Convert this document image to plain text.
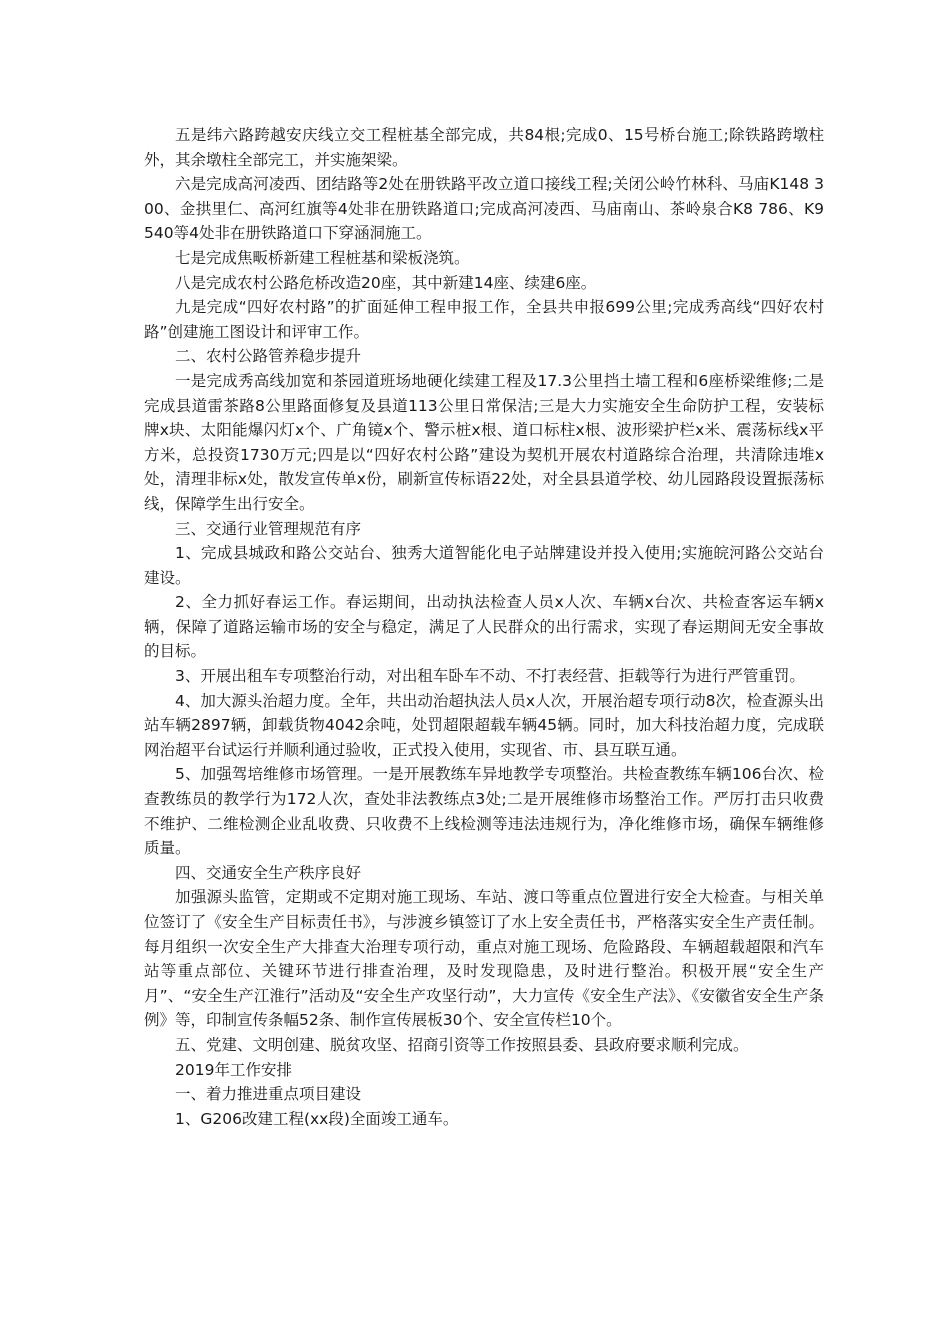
五是纬六路跨越安庆线立交工程桩基全部完成，共84根;完成0、15号桥台施工;除铁路跨墩柱外，其余墩柱全部完工，并实施架梁。

六是完成高河凌西、团结路等2处在册铁路平改立道口接线工程;关闭公岭竹林科、马庙K148 300、金拱里仁、高河红旗等4处非在册铁路道口;完成高河凌西、马庙南山、茶岭泉合K8 786、K9 540等4处非在册铁路道口下穿涵洞施工。

七是完成焦畈桥新建工程桩基和梁板浇筑。

八是完成农村公路危桥改造20座，其中新建14座、续建6座。

九是完成“四好农村路”的扩面延伸工程申报工作，全县共申报699公里;完成秀高线“四好农村路”创建施工图设计和评审工作。

二、农村公路管养稳步提升

一是完成秀高线加宽和茶园道班场地硬化续建工程及17.3公里挡土墙工程和6座桥梁维修;二是完成县道雷茶路8公里路面修复及县道113公里日常保洁;三是大力实施安全生命防护工程，安装标牌x块、太阳能爆闪灯x个、广角镜x个、警示桩x根、道口标柱x根、波形梁护栏x米、震荡标线x平方米，总投资1730万元;四是以“四好农村公路”建设为契机开展农村道路综合治理，共清除违堆x处，清理非标x处，散发宣传单x份，刷新宣传标语22处，对全县县道学校、幼儿园路段设置振荡标线，保障学生出行安全。

三、交通行业管理规范有序

1、完成县城政和路公交站台、独秀大道智能化电子站牌建设并投入使用;实施皖河路公交站台建设。

2、全力抓好春运工作。春运期间，出动执法检查人员x人次、车辆x台次、共检查客运车辆x辆，保障了道路运输市场的安全与稳定，满足了人民群众的出行需求，实现了春运期间无安全事故的目标。

3、开展出租车专项整治行动，对出租车卧车不动、不打表经营、拒载等行为进行严管重罚。

4、加大源头治超力度。全年，共出动治超执法人员x人次，开展治超专项行动8次，检查源头出站车辆2897辆，卸载货物4042余吨，处罚超限超载车辆45辆。同时，加大科技治超力度，完成联网治超平台试运行并顺利通过验收，正式投入使用，实现省、市、县互联互通。

5、加强驾培维修市场管理。一是开展教练车异地教学专项整治。共检查教练车辆106台次、检查教练员的教学行为172人次，查处非法教练点3处;二是开展维修市场整治工作。严厉打击只收费不维护、二维检测企业乱收费、只收费不上线检测等违法违规行为，净化维修市场，确保车辆维修质量。

四、交通安全生产秩序良好

加强源头监管，定期或不定期对施工现场、车站、渡口等重点位置进行安全大检查。与相关单位签订了《安全生产目标责任书》，与涉渡乡镇签订了水上安全责任书，严格落实安全生产责任制。每月组织一次安全生产大排查大治理专项行动，重点对施工现场、危险路段、车辆超载超限和汽车站等重点部位、关键环节进行排查治理，及时发现隐患，及时进行整治。积极开展“安全生产月”、“安全生产江淮行”活动及“安全生产攻坚行动”，大力宣传《安全生产法》、《安徽省安全生产条例》等，印制宣传条幅52条、制作宣传展板30个、安全宣传栏10个。

五、党建、文明创建、脱贫攻坚、招商引资等工作按照县委、县政府要求顺利完成。

2019年工作安排

一、着力推进重点项目建设

1、G206改建工程(xx段)全面竣工通车。
